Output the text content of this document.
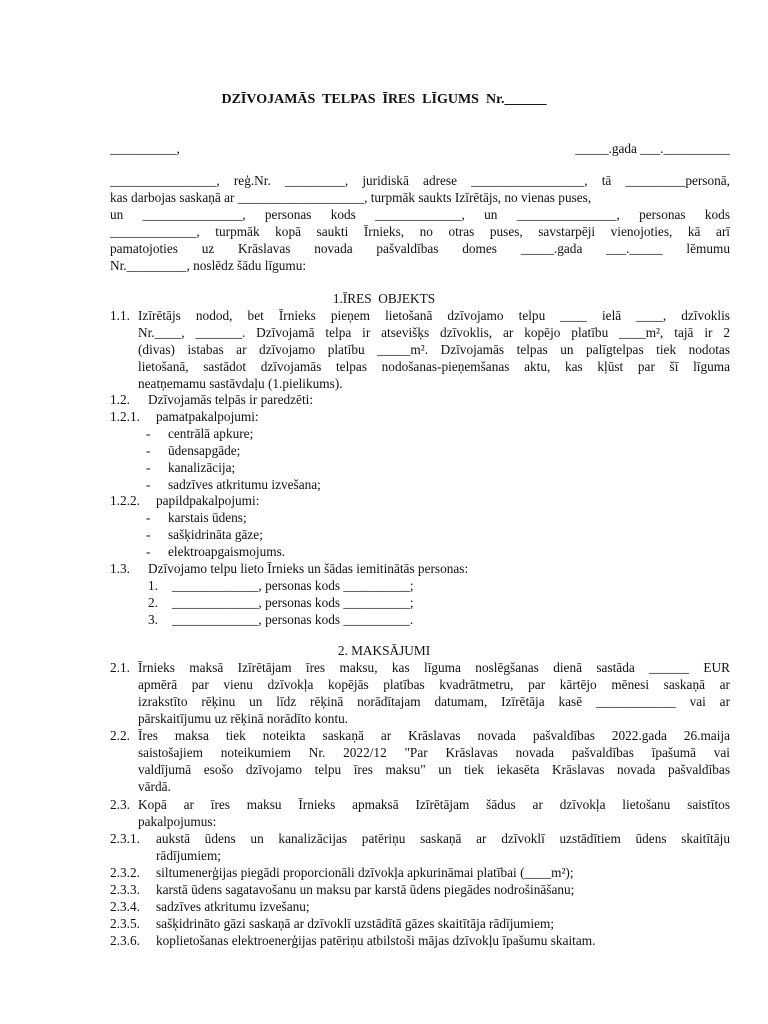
DZĪVOJAMĀS  TELPAS  ĪRES  LĪGUMS  Nr.______
__________,	_____.gada ___.__________
________________, reģ.Nr. _________, juridiskā adrese _________________, tā _________personā,
kas darbojas saskaņā ar ___________________, turpmāk saukts Izīrētājs, no vienas puses,
un _______________, personas kods _____________, un _______________, personas kods
_____________, turpmāk kopā saukti Īrnieks, no otras puses, savstarpēji vienojoties, kā arī
pamatojoties uz Krāslavas novada pašvaldības domes _____.gada ___._____ lēmumu
Nr._________, noslēdz šādu līgumu:
1.ĪRES  OBJEKTS
1.1. Izīrētājs nodod, bet Īrnieks pieņem lietošanā dzīvojamo telpu ____ ielā ____, dzīvoklis
Nr.____, _______. Dzīvojamā telpa ir atsevišķs dzīvoklis, ar kopējo platību ____m², tajā ir 2
(divas) istabas ar dzīvojamo platību _____m². Dzīvojamās telpas un palīgtelpas tiek nodotas
lietošanā, sastādot dzīvojamās telpas nodošanas-pieņemšanas aktu, kas kļūst par šī līguma
neatņemamu sastāvdaļu (1.pielikums).
1.2. Dzīvojamās telpās ir paredzēti:
1.2.1. pamatpakalpojumi:
- centrālā apkure;
- ūdensapgāde;
- kanalizācija;
- sadzīves atkritumu izvešana;
1.2.2. papildpakalpojumi:
- karstais ūdens;
- sašķidrināta gāze;
- elektroapgaismojums.
1.3. Dzīvojamo telpu lieto Īrnieks un šādas iemitinātās personas:
1. _____________, personas kods __________;
2. _____________, personas kods __________;
3. _____________, personas kods __________.
2. MAKSĀJUMI
2.1. Īrnieks maksā Izīrētājam īres maksu, kas līguma noslēgšanas dienā sastāda ______ EUR
apmērā par vienu dzīvokļa kopējās platības kvadrātmetru, par kārtējo mēnesi saskaņā ar
izrakstīto rēķinu un līdz rēķinā norādītajam datumam, Izīrētāja kasē ____________ vai ar
pārskaitījumu uz rēķinā norādīto kontu.
2.2. Īres maksa tiek noteikta saskaņā ar Krāslavas novada pašvaldības 2022.gada 26.maija
saistošajiem noteikumiem Nr. 2022/12 "Par Krāslavas novada pašvaldības īpašumā vai
valdījumā esošo dzīvojamo telpu īres maksu" un tiek iekasēta Krāslavas novada pašvaldības
vārdā.
2.3. Kopā ar īres maksu Īrnieks apmaksā Izīrētājam šādus ar dzīvokļa lietošanu saistītos
pakalpojumus:
2.3.1. aukstā ūdens un kanalizācijas patēriņu saskaņā ar dzīvoklī uzstādītiem ūdens skaitītāju
rādījumiem;
2.3.2. siltumenerģijas piegādi proporcionāli dzīvokļa apkurināmai platībai (____m²);
2.3.3. karstā ūdens sagatavošanu un maksu par karstā ūdens piegādes nodrošināšanu;
2.3.4. sadzīves atkritumu izvešanu;
2.3.5. sašķidrināto gāzi saskaņā ar dzīvoklī uzstādītā gāzes skaitītāja rādījumiem;
2.3.6. koplietošanas elektroenerģijas patēriņu atbilstoši mājas dzīvokļu īpašumu skaitam.
